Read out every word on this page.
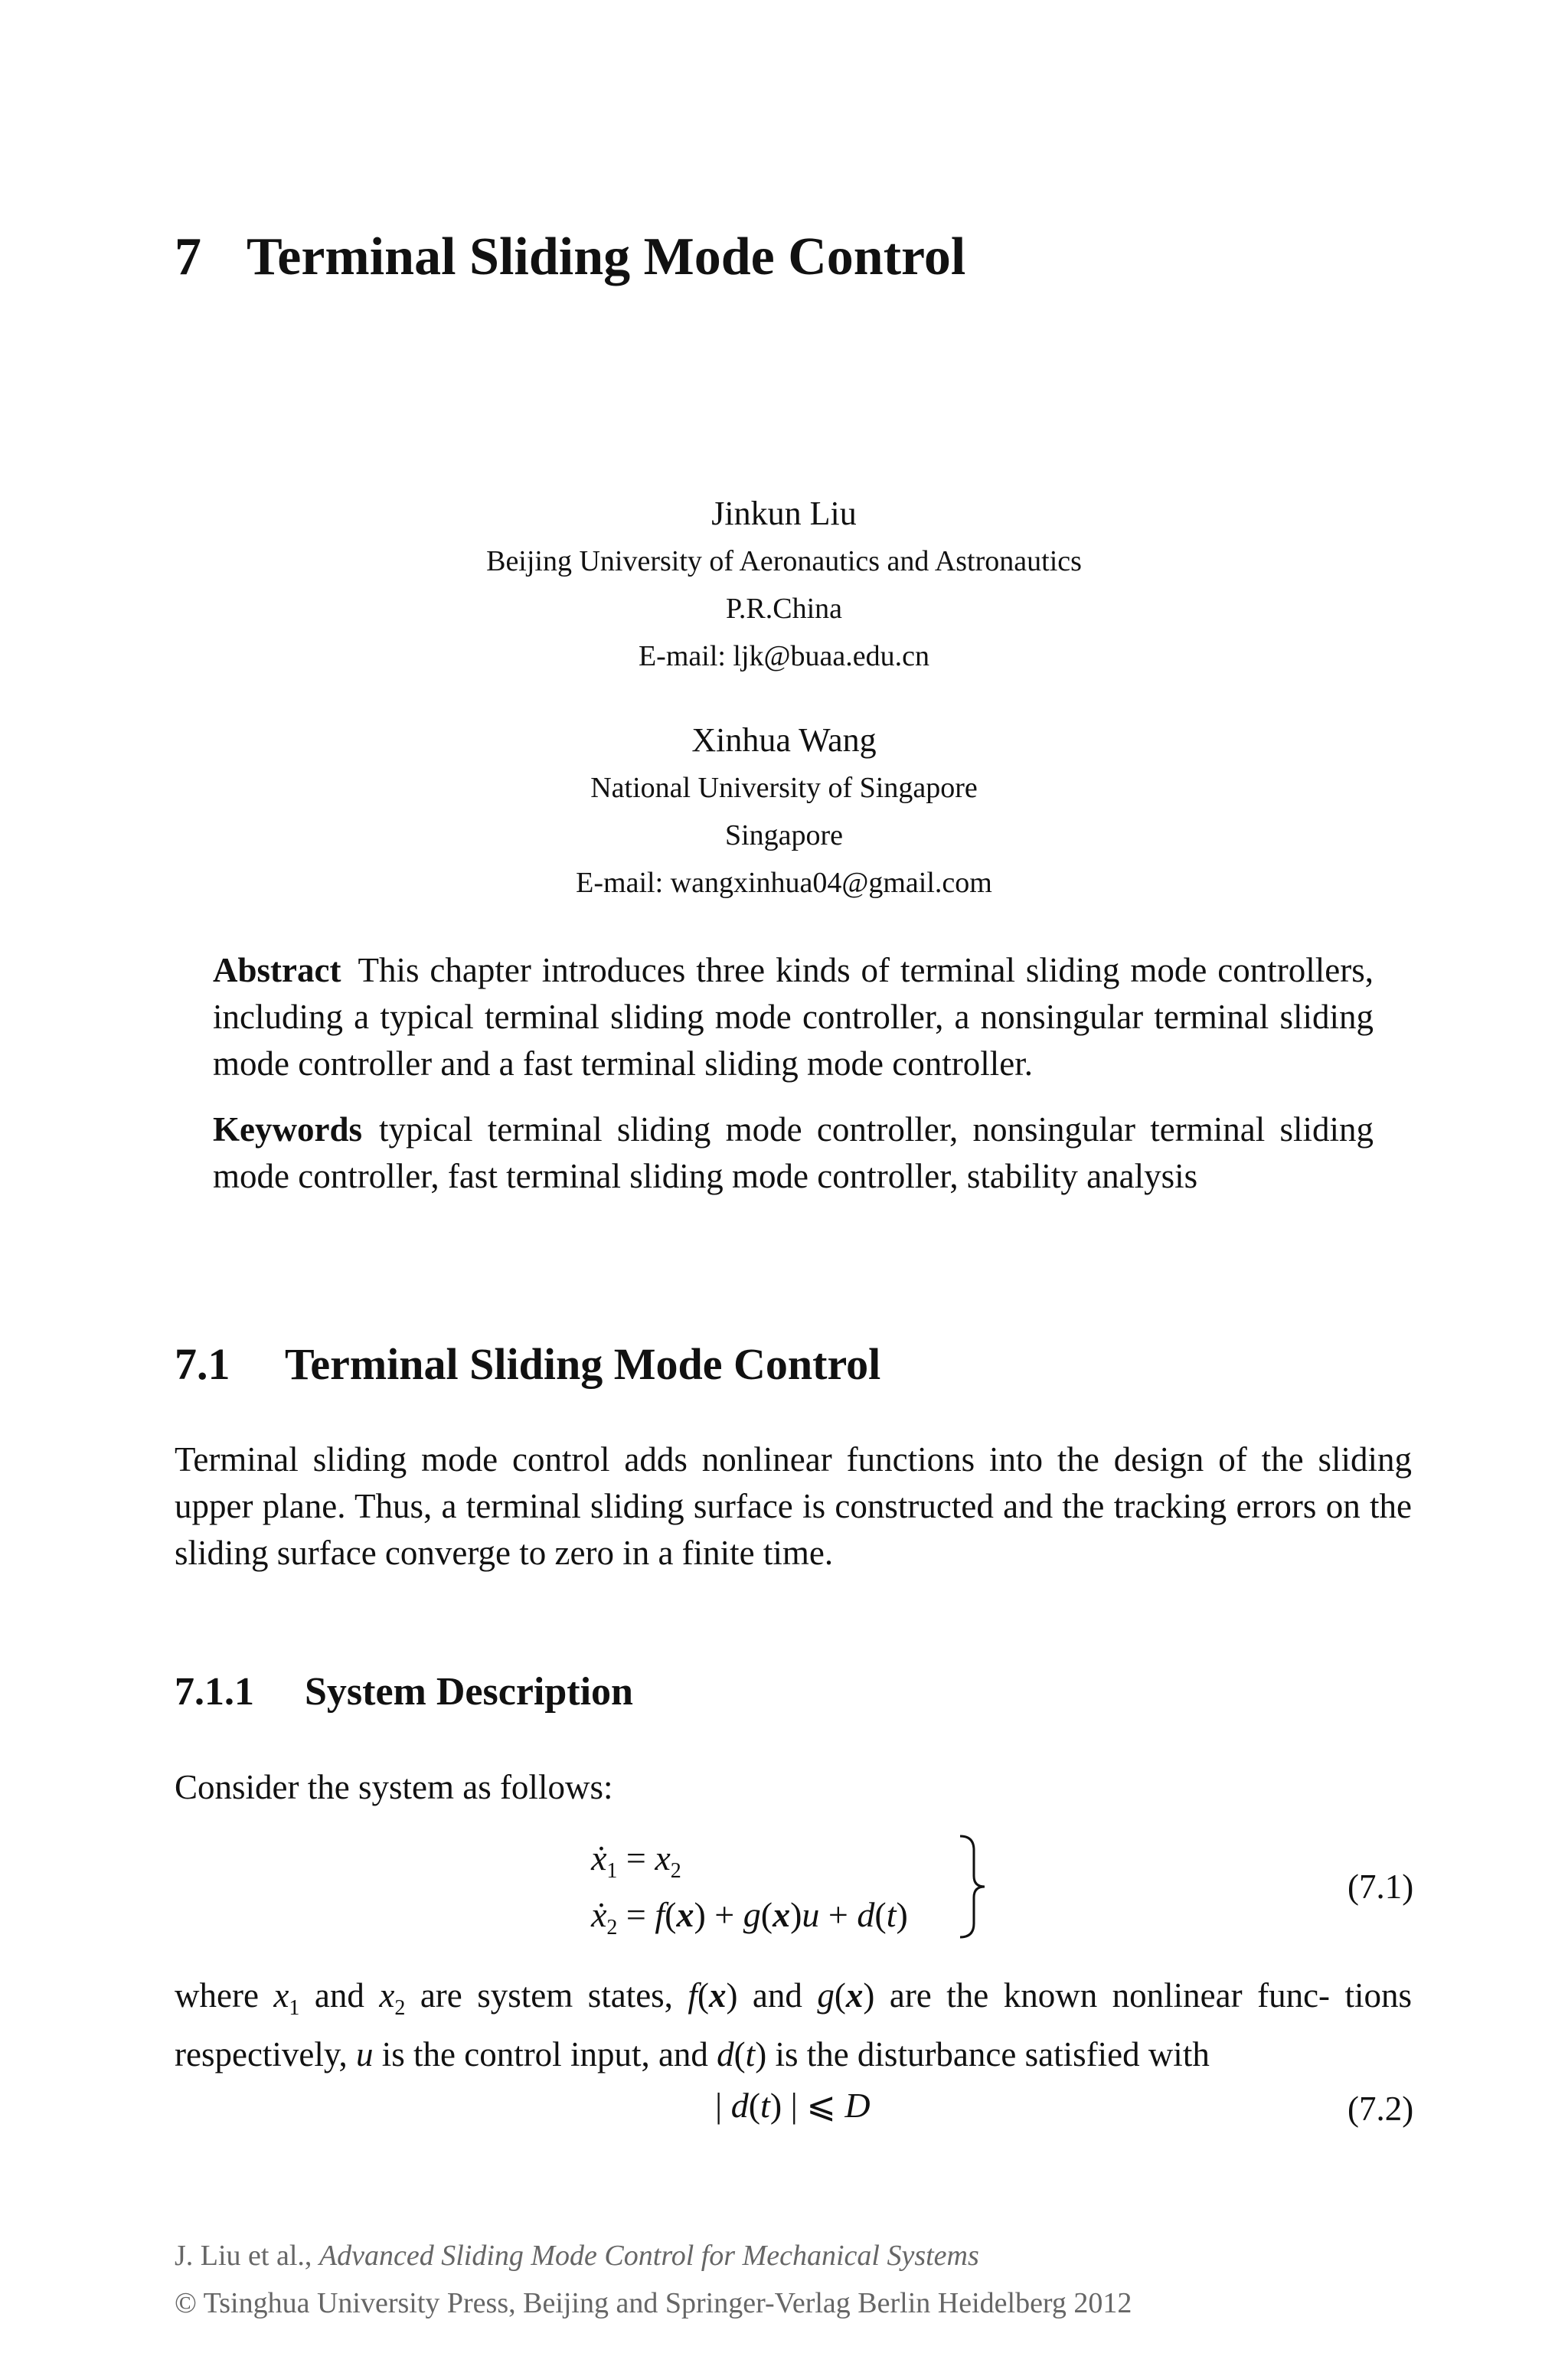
7 Terminal Sliding Mode Control
Jinkun Liu
Beijing University of Aeronautics and Astronautics
P.R.China
E-mail: ljk@buaa.edu.cn
Xinhua Wang
National University of Singapore
Singapore
E-mail: wangxinhua04@gmail.com
Abstract This chapter introduces three kinds of terminal sliding mode controllers, including a typical terminal sliding mode controller, a nonsingular terminal sliding mode controller and a fast terminal sliding mode controller.
Keywords typical terminal sliding mode controller, nonsingular terminal sliding mode controller, fast terminal sliding mode controller, stability analysis
7.1 Terminal Sliding Mode Control
Terminal sliding mode control adds nonlinear functions into the design of the sliding upper plane. Thus, a terminal sliding surface is constructed and the tracking errors on the sliding surface converge to zero in a finite time.
7.1.1 System Description
Consider the system as follows:
$ẋ_1 = x_2$
$ẋ_2 = f(x) + g(x)u + d(t)$
(7.1)
where $x_1$ and $x_2$ are system states, f(x) and g(x) are the known nonlinear func- tions respectively, u is the control input, and d(t) is the disturbance satisfied with
| d(t) | ⩽ D	(7.2)
J. Liu et al., Advanced Sliding Mode Control for Mechanical Systems
© Tsinghua University Press, Beijing and Springer-Verlag Berlin Heidelberg 2012
